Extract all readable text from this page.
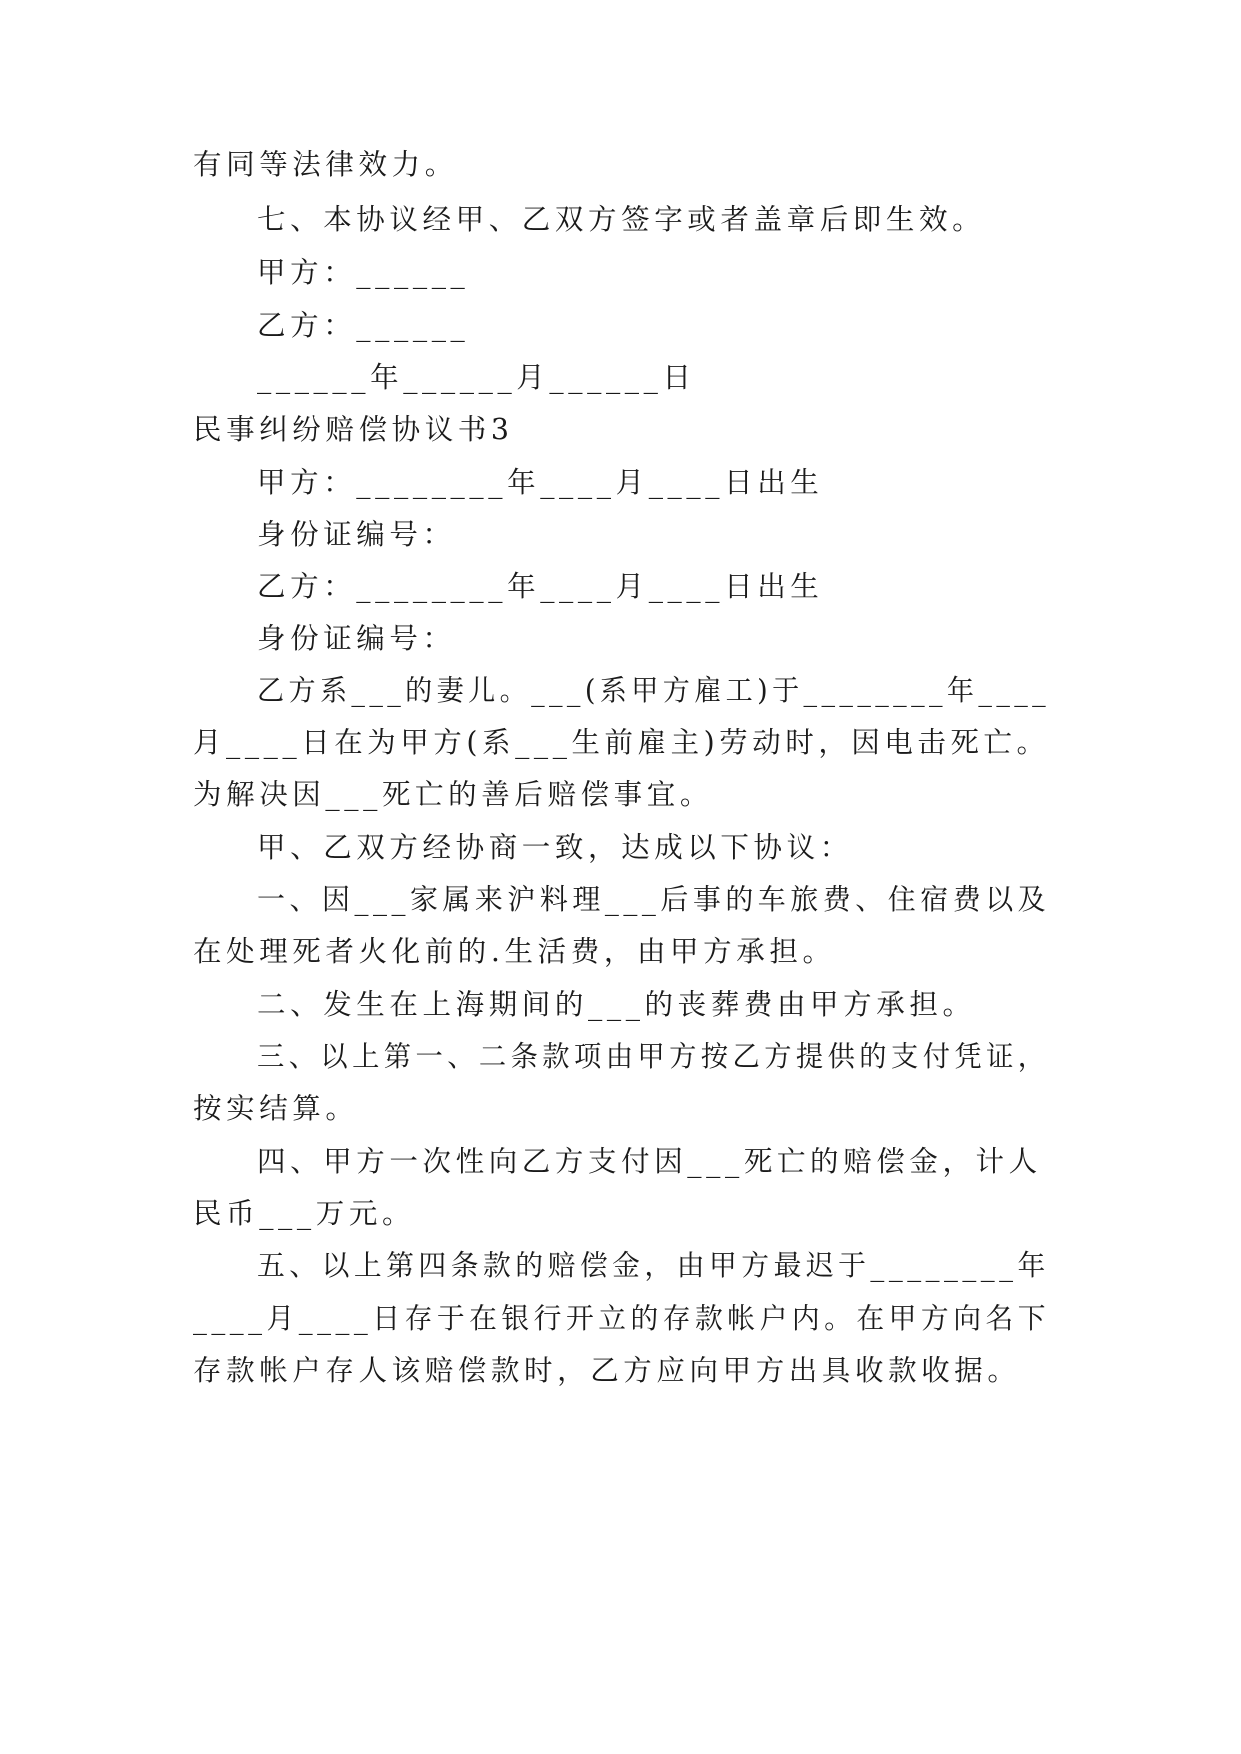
有同等法律效力。
七、本协议经甲、乙双方签字或者盖章后即生效。
甲方：______
乙方：______
______年______月______日
民事纠纷赔偿协议书3
甲方：________年____月____日出生
身份证编号：
乙方：________年____月____日出生
身份证编号：
乙方系___的妻儿。___(系甲方雇工)于________年____
月____日在为甲方(系___生前雇主)劳动时，因电击死亡。
为解决因___死亡的善后赔偿事宜。
甲、乙双方经协商一致，达成以下协议：
一、因___家属来沪料理___后事的车旅费、住宿费以及
在处理死者火化前的.生活费，由甲方承担。
二、发生在上海期间的___的丧葬费由甲方承担。
三、以上第一、二条款项由甲方按乙方提供的支付凭证，
按实结算。
四、甲方一次性向乙方支付因___死亡的赔偿金，计人
民币___万元。
五、以上第四条款的赔偿金，由甲方最迟于________年
____月____日存于在银行开立的存款帐户内。在甲方向名下
存款帐户存人该赔偿款时，乙方应向甲方出具收款收据。
